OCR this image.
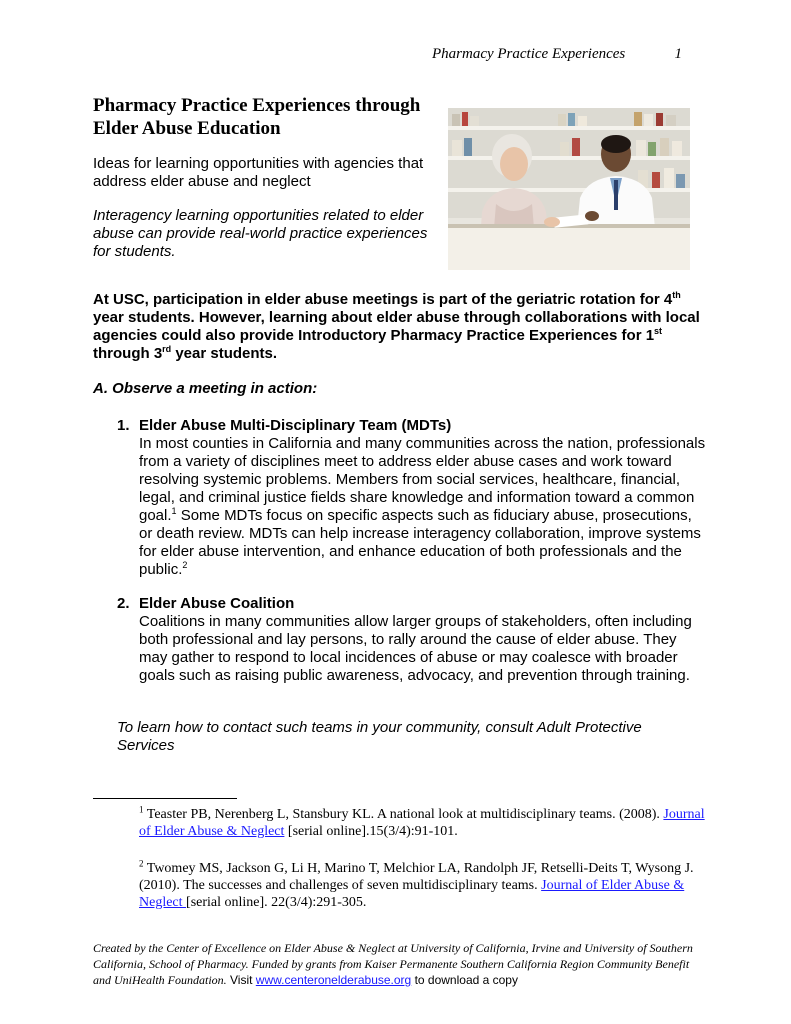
Pharmacy Practice Experiences	1
Pharmacy Practice Experiences through Elder Abuse Education
Ideas for learning opportunities with agencies that address elder abuse and neglect
Interagency learning opportunities related to elder abuse can provide real-world practice experiences for students.
At USC, participation in elder abuse meetings is part of the geriatric rotation for 4th year students. However, learning about elder abuse through collaborations with local agencies could also provide Introductory Pharmacy Practice Experiences for 1st through 3rd year students.
A. Observe a meeting in action:
1. Elder Abuse Multi-Disciplinary Team (MDTs)
In most counties in California and many communities across the nation, professionals from a variety of disciplines meet to address elder abuse cases and work toward resolving systemic problems. Members from social services, healthcare, financial, legal, and criminal justice fields share knowledge and information toward a common goal.$^1$ Some MDTs focus on specific aspects such as fiduciary abuse, prosecutions, or death review. MDTs can help increase interagency collaboration, improve systems for elder abuse intervention, and enhance education of both professionals and the public.$^2$
2. Elder Abuse Coalition
Coalitions in many communities allow larger groups of stakeholders, often including both professional and lay persons, to rally around the cause of elder abuse. They may gather to respond to local incidences of abuse or may coalesce with broader goals such as raising public awareness, advocacy, and prevention through training.
To learn how to contact such teams in your community, consult Adult Protective Services
$^1$ Teaster PB, Nerenberg L, Stansbury KL. A national look at multidisciplinary teams. (2008). Journal of Elder Abuse & Neglect [serial online].15(3/4):91-101.
$^2$ Twomey MS, Jackson G, Li H, Marino T, Melchior LA, Randolph JF, Retselli-Deits T, Wysong J. (2010). The successes and challenges of seven multidisciplinary teams. Journal of Elder Abuse & Neglect [serial online]. 22(3/4):291-305.
Created by the Center of Excellence on Elder Abuse & Neglect at University of California, Irvine and University of Southern California, School of Pharmacy. Funded by grants from Kaiser Permanente Southern California Region Community Benefit and UniHealth Foundation. Visit www.centeronelderabuse.org to download a copy
